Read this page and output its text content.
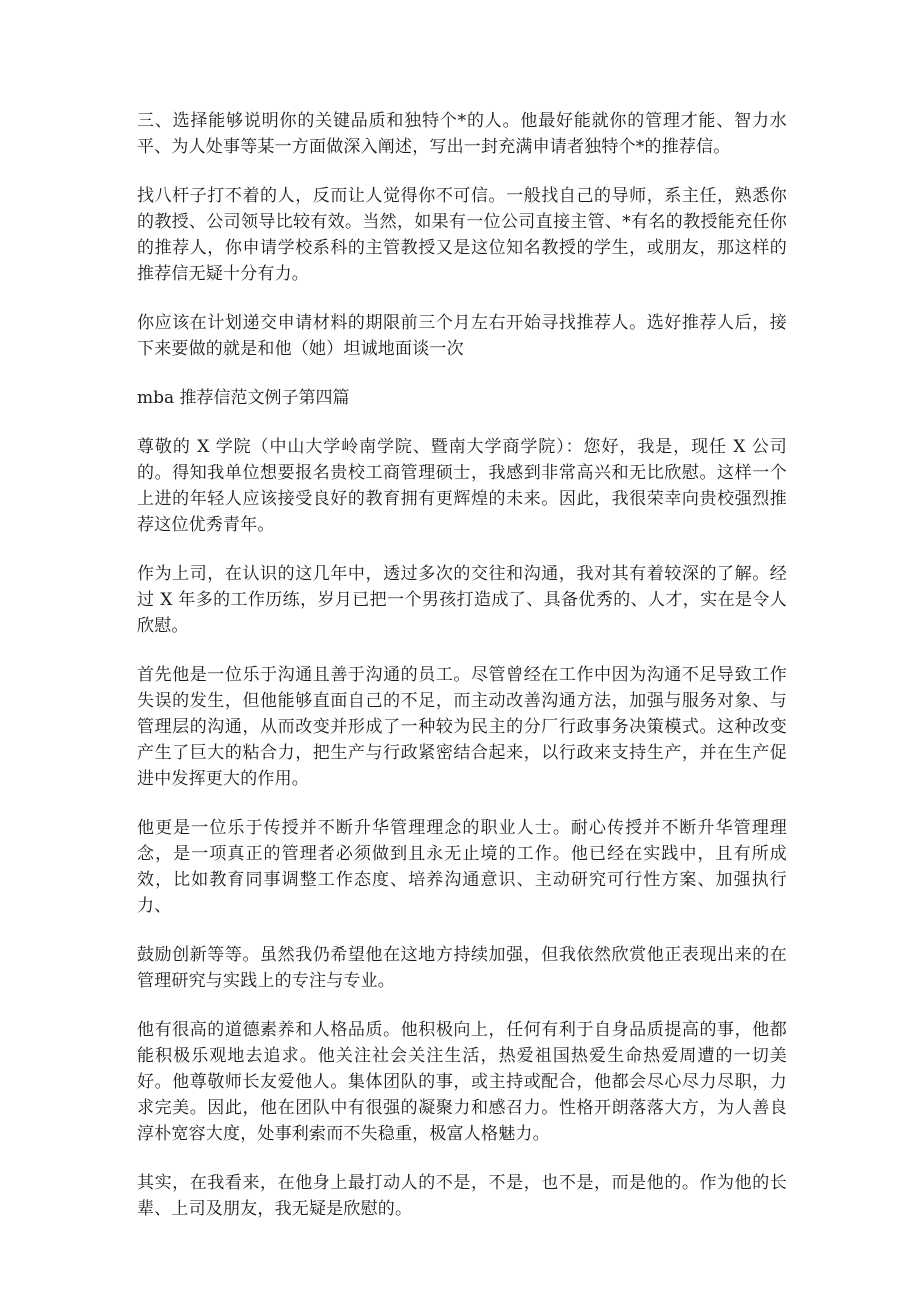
三、选择能够说明你的关键品质和独特个*的人。他最好能就你的管理才能、智力水平、为人处事等某一方面做深入阐述，写出一封充满申请者独特个*的推荐信。

找八杆子打不着的人，反而让人觉得你不可信。一般找自己的导师，系主任，熟悉你的教授、公司领导比较有效。当然，如果有一位公司直接主管、*有名的教授能充任你的推荐人，你申请学校系科的主管教授又是这位知名教授的学生，或朋友，那这样的推荐信无疑十分有力。

你应该在计划递交申请材料的期限前三个月左右开始寻找推荐人。选好推荐人后，接下来要做的就是和他（她）坦诚地面谈一次

mba 推荐信范文例子第四篇

尊敬的 X 学院（中山大学岭南学院、暨南大学商学院）：您好，我是，现任 X 公司的。得知我单位想要报名贵校工商管理硕士，我感到非常高兴和无比欣慰。这样一个上进的年轻人应该接受良好的教育拥有更辉煌的未来。因此，我很荣幸向贵校强烈推荐这位优秀青年。

作为上司，在认识的这几年中，透过多次的交往和沟通，我对其有着较深的了解。经过 X 年多的工作历练，岁月已把一个男孩打造成了、具备优秀的、人才，实在是令人欣慰。

首先他是一位乐于沟通且善于沟通的员工。尽管曾经在工作中因为沟通不足导致工作失误的发生，但他能够直面自己的不足，而主动改善沟通方法，加强与服务对象、与管理层的沟通，从而改变并形成了一种较为民主的分厂行政事务决策模式。这种改变产生了巨大的粘合力，把生产与行政紧密结合起来，以行政来支持生产，并在生产促进中发挥更大的作用。

他更是一位乐于传授并不断升华管理理念的职业人士。耐心传授并不断升华管理理念，是一项真正的管理者必须做到且永无止境的工作。他已经在实践中，且有所成效，比如教育同事调整工作态度、培养沟通意识、主动研究可行性方案、加强执行力、

鼓励创新等等。虽然我仍希望他在这地方持续加强，但我依然欣赏他正表现出来的在管理研究与实践上的专注与专业。

他有很高的道德素养和人格品质。他积极向上，任何有利于自身品质提高的事，他都能积极乐观地去追求。他关注社会关注生活，热爱祖国热爱生命热爱周遭的一切美好。他尊敬师长友爱他人。集体团队的事，或主持或配合，他都会尽心尽力尽职，力求完美。因此，他在团队中有很强的凝聚力和感召力。性格开朗落落大方，为人善良淳朴宽容大度，处事利索而不失稳重，极富人格魅力。

其实，在我看来，在他身上最打动人的不是，不是，也不是，而是他的。作为他的长辈、上司及朋友，我无疑是欣慰的。
